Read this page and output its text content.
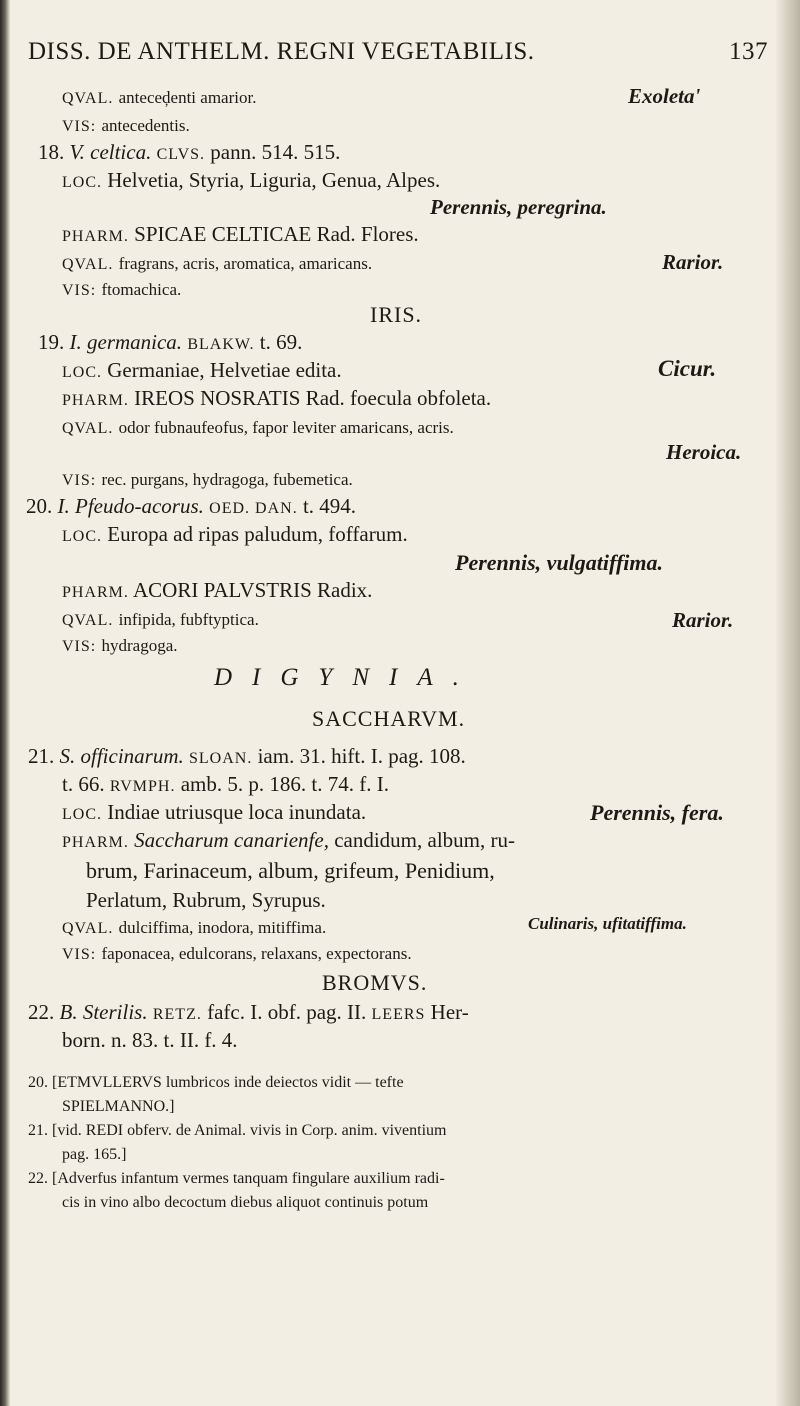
DISS. DE ANTHELM. REGNI VEGETABILIS.	137
QVAL. anteceḑenti amarior.	Exoleta'
VIS: antecedentis.
18. V. celtica. CLVS. pann. 514. 515.
LOC. Helvetia, Styria, Liguria, Genua, Alpes.
Perennis, peregrina.
PHARM. SPICAE CELTICAE Rad. Flores.
QVAL. fragrans, acris, aromatica, amaricans.	Rarior.
VIS: ftomachica.
IRIS.
19. I. germanica. BLAKW. t. 69.
LOC. Germaniae, Helvetiae edita.	Cicur.
PHARM. IREOS NOSRATIS Rad. foecula obfoleta.
QVAL. odor fubnaufeofus, fapor leviter amaricans, acris.
Heroica.
VIS: rec. purgans, hydragoga, fubemetica.
20. I. Pfeudo-acorus. OED. DAN. t. 494.
LOC. Europa ad ripas paludum, foffarum.
Perennis, vulgatiffima.
PHARM. ACORI PALVSTRIS Radix.
QVAL. infipida, fubftyptica.	Rarior.
VIS: hydragoga.
DIGYNIA.
SACCHARVM.
21. S. officinarum. SLOAN. iam. 31. hift. I. pag. 108.
t. 66. RVMPH. amb. 5. p. 186. t. 74. f. I.
LOC. Indiae utriusque loca inundata.	Perennis, fera.
PHARM. Saccharum canarienfe, candidum, album, ru-
brum, Farinaceum, album, grifeum, Penidium,
Perlatum, Rubrum, Syrupus.
QVAL. dulciffima, inodora, mitiffima.	Culinaris, ufitatiffima.
VIS: faponacea, edulcorans, relaxans, expectorans.
BROMVS.
22. B. Sterilis. RETZ. fafc. I. obf. pag. II. LEERS Her-
born. n. 83. t. II. f. 4.
20. [ETMVLLERVS lumbricos inde deiectos vidit — tefte
SPIELMANNO.]
21. [vid. REDI obferv. de Animal. vivis in Corp. anim. viventium
pag. 165.]
22. [Adverfus infantum vermes tanquam fingulare auxilium radi-
cis in vino albo decoctum diebus aliquot continuis potum
